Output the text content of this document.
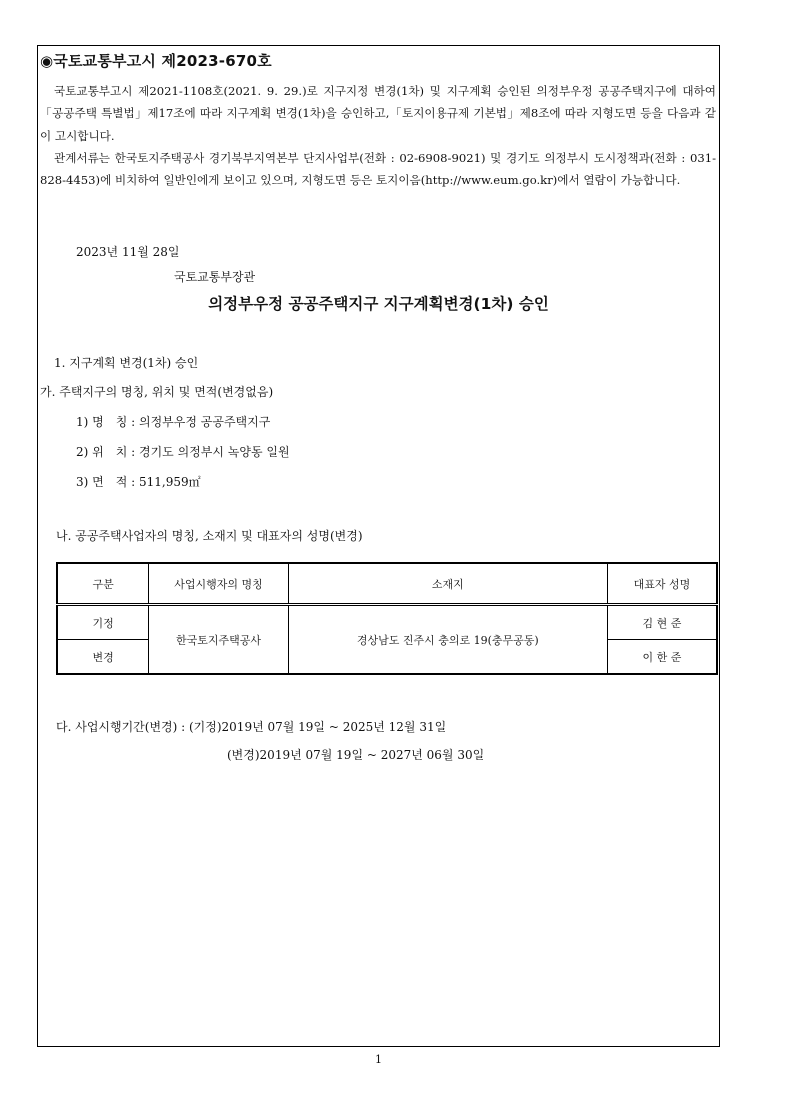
◉국토교통부고시 제2023-670호
국토교통부고시 제2021-1108호(2021. 9. 29.)로 지구지정 변경(1차) 및 지구계획 승인된 의정부우정 공공주택지구에 대하여「공공주택 특별법」제17조에 따라 지구계획 변경(1차)을 승인하고,「토지이용규제 기본법」제8조에 따라 지형도면 등을 다음과 같이 고시합니다.
관계서류는 한국토지주택공사 경기북부지역본부 단지사업부(전화 : 02-6908-9021) 및 경기도 의정부시 도시정책과(전화 : 031-828-4453)에 비치하여 일반인에게 보이고 있으며, 지형도면 등은 토지이음(http://www.eum.go.kr)에서 열람이 가능합니다.
2023년 11월 28일
국토교통부장관
의정부우정 공공주택지구 지구계획변경(1차) 승인
1. 지구계획 변경(1차) 승인
가. 주택지구의 명칭, 위치 및 면적(변경없음)
1) 명　칭 : 의정부우정 공공주택지구
2) 위　치 : 경기도 의정부시 녹양동 일원
3) 면　적 : 511,959㎡
나. 공공주택사업자의 명칭, 소재지 및 대표자의 성명(변경)
구분	사업시행자의 명칭	소재지	대표자 성명
기정	한국토지주택공사	경상남도 진주시 충의로 19(충무공동)	김 현 준
변경			이 한 준
다. 사업시행기간(변경) : (기정)2019년 07월 19일 ~ 2025년 12월 31일
(변경)2019년 07월 19일 ~ 2027년 06월 30일
1
